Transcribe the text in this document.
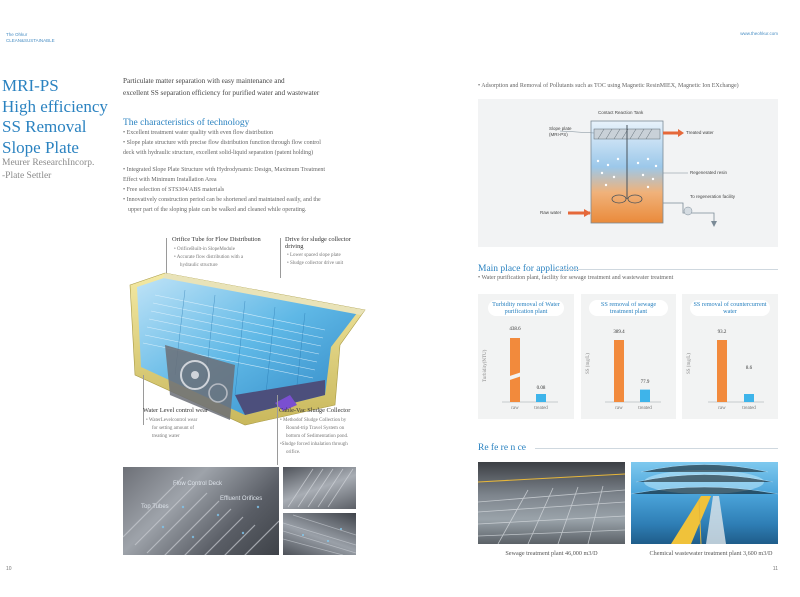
The Ohkur
CLEAN&SUSTAINABLE
www.theohkur.com
MRI-PS
High efficiency
SS Removal
Slope Plate
Meurer ResearchIncorp.
-Plate Settler
Particulate matter separation with easy maintenance and
excellent SS separation efficiency for purified water and wastewater
The characteristics of technology
• Excellent treatment water quality with even flow distribution
• Slope plate structure with precise flow distribution function through flow control
deck with hydraulic structure, excellent solid-liquid separation (patent holding)
• Integrated Slope Plate Structure with Hydrodynamic Design, Maximum Treatment
Effect with Minimum Installation Area
• Free selection of STS304/ABS materials
• Innovatively construction period can be shortened and maintained easily, and the
upper part of the sloping plate can be walked and cleaned while operating.
Orifice Tube for Flow Distribution
• OrificeBuilt-in SlopeModule
• Accurate flow distribution with a
hydraulic structure
Drive for sludge collector
driving
• Lower spaced slope plate
• Sludge collector drive unit
Water Level control wear
• WaterLevelcontrol wear
for setting amount of
treating water
Cable-Vac Sludge Collector
• Methodof Sludge Collection by
Round-trip Travel System on
bottom of Sedimentation pond.
•Sludge forced inhalation through
orifice.
Flow Control Deck
Effluent Orifices
Top Tubes
10
• Adsorption and Removal of Pollutants such as TOC using Magnetic ResinMIEX, Magnetic Ion EXchange)
Contact Reaction Tank
Slope plate
(MRI-PS)	Treated water
Regenerated resin
To regeneration facility
Raw water
Main place for application
• Water purification plant, facility for sewage treatment and wastewater treatment
Turbidity removal of Water purification plant
Turbidity(NTU)
438.6
0.08
raw	treated
SS removal of sewage treatment plant
SS (mg/L)
389.4
77.9
raw	treated
SS removal of countercurrent water
SS (mg/L)
93.2
8.6
raw	treated
Re fe re n ce
Sewage treatment plant 46,000 m3/D	Chemical wastewater treatment plant 3,600 m3/D
11
